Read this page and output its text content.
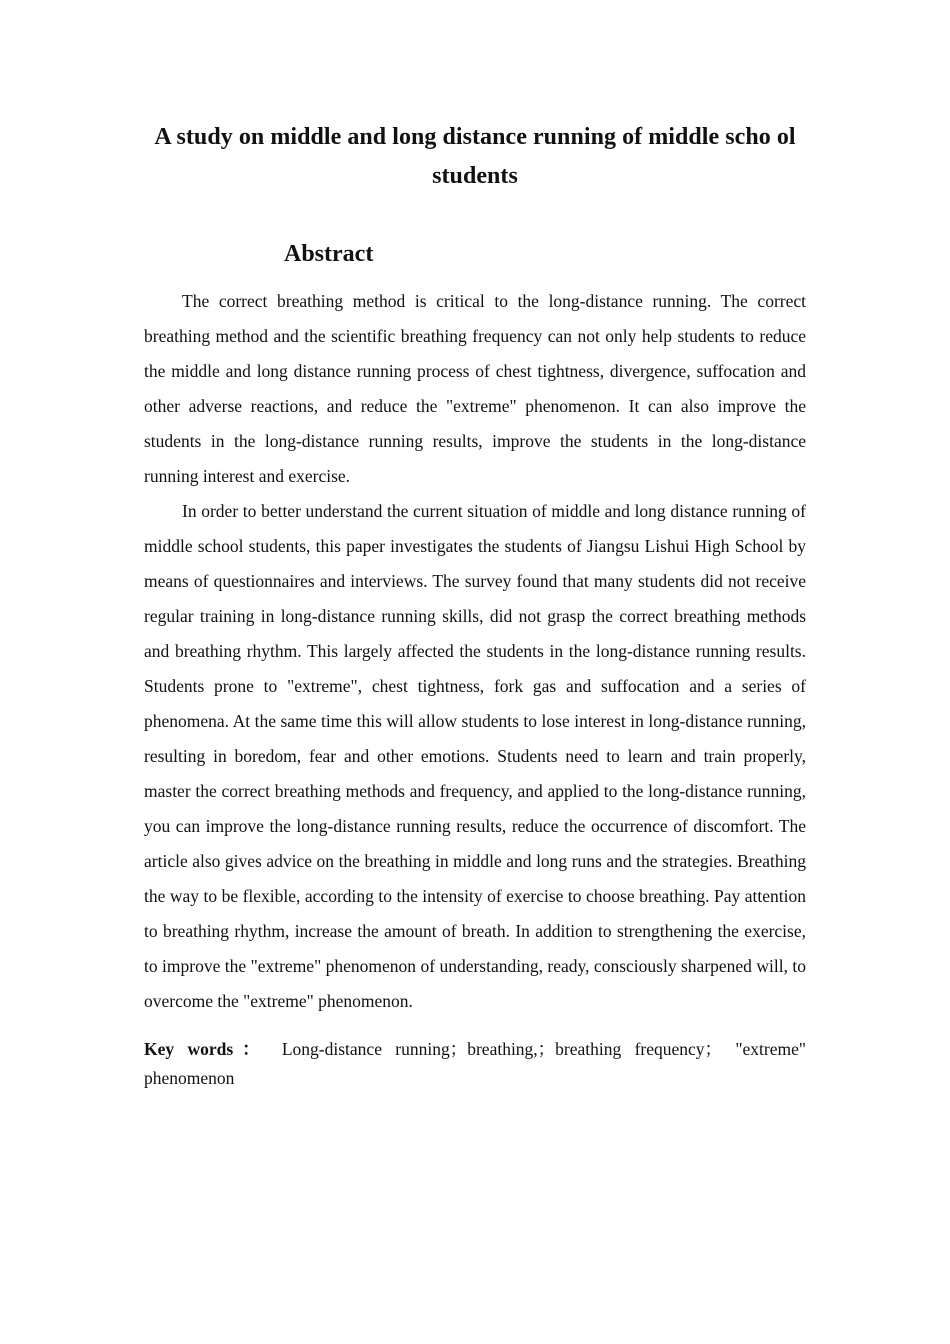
A study on middle and long distance running of middle scho ol students
Abstract

The correct breathing method is critical to the long-distance running. The correct breathing method and the scientific breathing frequency can not only help students to reduce the middle and long distance running process of chest tightness, divergence, suffocation and other adverse reactions, and reduce the "extreme" phenomenon. It can also improve the students in the long-distance running results, improve the students in the long-distance running interest and exercise.

In order to better understand the current situation of middle and long distance running of middle school students, this paper investigates the students of Jiangsu Lishui High School by means of questionnaires and interviews. The survey found that many students did not receive regular training in long-distance running skills, did not grasp the correct breathing methods and breathing rhythm. This largely affected the students in the long-distance running results. Students prone to "extreme", chest tightness, fork gas and suffocation and a series of phenomena. At the same time this will allow students to lose interest in long-distance running, resulting in boredom, fear and other emotions. Students need to learn and train properly, master the correct breathing methods and frequency, and applied to the long-distance running, you can improve the long-distance running results, reduce the occurrence of discomfort. The article also gives advice on the breathing in middle and long runs and the strategies. Breathing the way to be flexible, according to the intensity of exercise to choose breathing. Pay attention to breathing rhythm, increase the amount of breath. In addition to strengthening the exercise, to improve the "extreme" phenomenon of understanding, ready, consciously sharpened will, to overcome the "extreme" phenomenon.

Key words： Long-distance running；breathing,；breathing frequency； "extreme" phenomenon
